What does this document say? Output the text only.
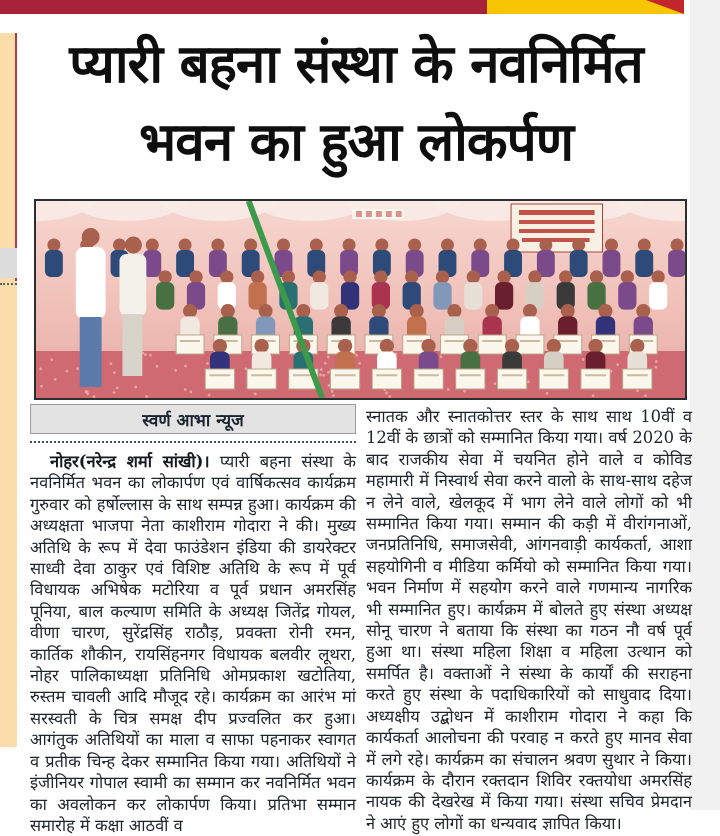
प्यारी बहना संस्था के नवनिर्मित
भवन का हुआ लोकर्पण
स्वर्ण आभा न्यूज

नोहर(नरेन्द्र शर्मा सांखी)। प्यारी बहना संस्था के नवनिर्मित भवन का लोकार्पण एवं वार्षिकत्सव कार्यक्रम गुरुवार को हर्षोल्लास के साथ सम्पन्न हुआ। कार्यक्रम की अध्यक्षता भाजपा नेता काशीराम गोदारा ने की। मुख्य अतिथि के रूप में देवा फाउंडेशन इंडिया की डायरेक्टर साध्वी देवा ठाकुर एवं विशिष्ट अतिथि के रूप में पूर्व विधायक अभिषेक मटोरिया व पूर्व प्रधान अमरसिंह पूनिया, बाल कल्याण समिति के अध्यक्ष जितेंद्र गोयल, वीणा चारण, सुरेंद्रसिंह राठौड़, प्रवक्ता रोनी रमन, कार्तिक शौकीन, रायसिंहनगर विधायक बलवीर लूथरा, नोहर पालिकाध्यक्षा प्रतिनिधि ओमप्रकाश खटोतिया, रुस्तम चावली आदि मौजूद रहे। कार्यक्रम का आरंभ मां सरस्वती के चित्र समक्ष दीप प्रज्वलित कर हुआ। आगंतुक अतिथियों का माला व साफा पहनाकर स्वागत व प्रतीक चिन्ह देकर सम्मानित किया गया। अतिथियों ने इंजीनियर गोपाल स्वामी का सम्मान कर नवनिर्मित भवन का अवलोकन कर लोकार्पण किया। प्रतिभा सम्मान समारोह में कक्षा आठवीं व

स्नातक और स्नातकोत्तर स्तर के साथ साथ 10वीं व 12वीं के छात्रों को सम्मानित किया गया। वर्ष 2020 के बाद राजकीय सेवा में चयनित होने वाले व कोविड महामारी में निस्वार्थ सेवा करने वालो के साथ-साथ दहेज न लेने वाले, खेलकूद में भाग लेने वाले लोगों को भी सम्मानित किया गया। सम्मान की कड़ी में वीरांगनाओं, जनप्रतिनिधि, समाजसेवी, आंगनवाड़ी कार्यकर्ता, आशा सहयोगिनी व मीडिया कर्मियो को सम्मानित किया गया। भवन निर्माण में सहयोग करने वाले गणमान्य नागरिक भी सम्मानित हुए। कार्यक्रम में बोलते हुए संस्था अध्यक्ष सोनू चारण ने बताया कि संस्था का गठन नौ वर्ष पूर्व हुआ था। संस्था महिला शिक्षा व महिला उत्थान को समर्पित है। वक्ताओं ने संस्था के कार्यों की सराहना करते हुए संस्था के पदाधिकारियों को साधुवाद दिया। अध्यक्षीय उद्बोधन में काशीराम गोदारा ने कहा कि कार्यकर्ता आलोचना की परवाह न करते हुए मानव सेवा में लगे रहे। कार्यक्रम का संचालन श्रवण सुथार ने किया। कार्यक्रम के दौरान रक्तदान शिविर रक्तयोधा अमरसिंह नायक की देखरेख में किया गया। संस्था सचिव प्रेमदान ने आएं हुए लोगों का धन्यवाद ज्ञापित किया।
